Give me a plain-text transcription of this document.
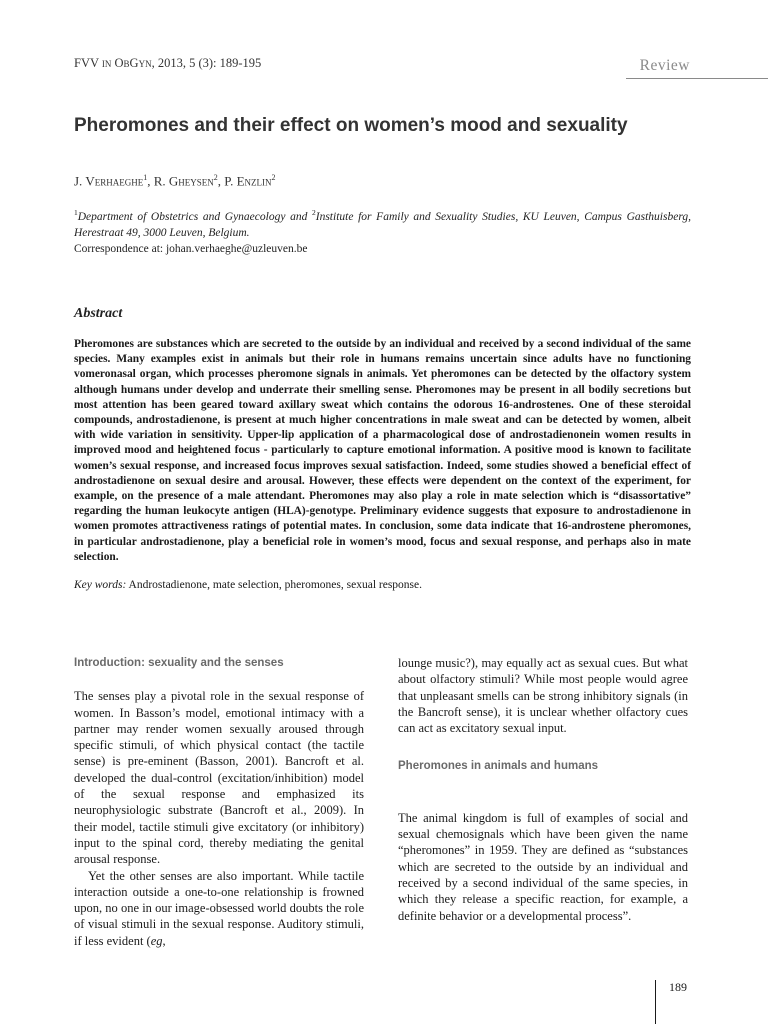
FVV in ObGyn, 2013, 5 (3): 189-195	Review
Pheromones and their effect on women’s mood and sexuality
J. Verhaeghe$^1$, R. Gheysen$^2$, P. Enzlin$^2$
$^1$Department of Obstetrics and Gynaecology and $^2$Institute for Family and Sexuality Studies, KU Leuven, Campus Gasthuisberg, Herestraat 49, 3000 Leuven, Belgium.
Correspondence at: johan.verhaeghe@uzleuven.be
Abstract

Pheromones are substances which are secreted to the outside by an individual and received by a second individual of the same species. Many examples exist in animals but their role in humans remains uncertain since adults have no functioning vomeronasal organ, which processes pheromone signals in animals. Yet pheromones can be detected by the olfactory system although humans under develop and underrate their smelling sense. Pheromones may be present in all bodily secretions but most attention has been geared toward axillary sweat which contains the odorous 16-androstenes. One of these steroidal compounds, androstadienone, is present at much higher concentrations in male sweat and can be detected by women, albeit with wide variation in sensitivity. Upper-lip application of a pharmacological dose of androstadienonein women results in improved mood and heightened focus - particularly to capture emotional information. A positive mood is known to facilitate women’s sexual response, and increased focus improves sexual satisfaction. Indeed, some studies showed a beneficial effect of androstadienone on sexual desire and arousal. However, these effects were dependent on the context of the experiment, for example, on the presence of a male attendant. Pheromones may also play a role in mate selection which is “disassortative” regarding the human leukocyte antigen (HLA)-genotype. Preliminary evidence suggests that exposure to androstadienone in women promotes attractiveness ratings of potential mates. In conclusion, some data indicate that 16-androstene pheromones, in particular androstadienone, play a beneficial role in women’s mood, focus and sexual response, and perhaps also in mate selection.

Key words: Androstadienone, mate selection, pheromones, sexual response.
Introduction: sexuality and the senses

The senses play a pivotal role in the sexual response of women. In Basson’s model, emotional intimacy with a partner may render women sexually aroused through specific stimuli, of which physical contact (the tactile sense) is pre-eminent (Basson, 2001). Bancroft et al. developed the dual-control (excitation/inhibition) model of the sexual response and emphasized its neurophysiologic substrate (Bancroft et al., 2009). In their model, tactile stimuli give excitatory (or inhibitory) input to the spinal cord, thereby mediating the genital arousal response.

Yet the other senses are also important. While tactile interaction outside a one-to-one relationship is frowned upon, no one in our image-obsessed world doubts the role of visual stimuli in the sexual response. Auditory stimuli, if less evident (eg,

lounge music?), may equally act as sexual cues. But what about olfactory stimuli? While most people would agree that unpleasant smells can be strong inhibitory signals (in the Bancroft sense), it is unclear whether olfactory cues can act as excitatory sexual input.

Pheromones in animals and humans

The animal kingdom is full of examples of social and sexual chemosignals which have been given the name “pheromones” in 1959. They are defined as “substances which are secreted to the outside by an individual and received by a second individual of the same species, in which they release a specific reaction, for example, a definite behavior or a developmental process”.

189
